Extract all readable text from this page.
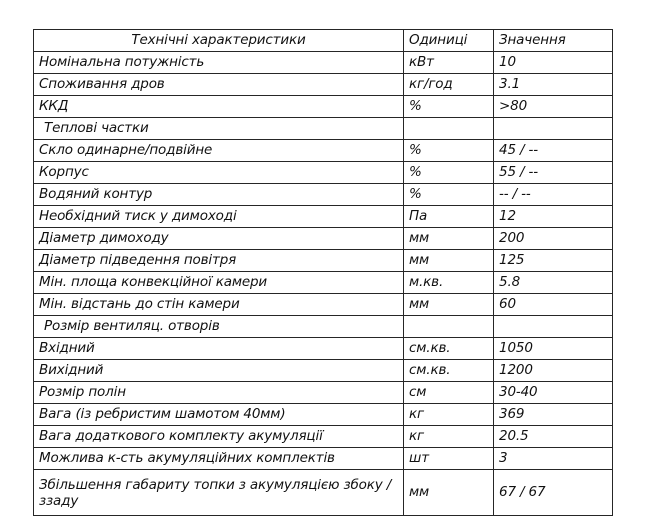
Технічні характеристики	Одиниці	Значення
Номінальна потужність	кВт	10
Споживання дров	кг/год	3.1
ККД	%	>80
Теплові частки		
Скло одинарне/подвійне	%	45 / --
Корпус	%	55 / --
Водяний контур	%	-- / --
Необхідний тиск у димоході	Па	12
Діаметр димоходу	мм	200
Діаметр підведення повітря	мм	125
Мін. площа конвекційної камери	м.кв.	5.8
Мін. відстань до стін камери	мм	60
Розмір вентиляц. отворів		
Вхідний	см.кв.	1050
Вихідний	см.кв.	1200
Розмір полін	см	30-40
Вага (із ребристим шамотом 40мм)	кг	369
Вага додаткового комплекту акумуляції	кг	20.5
Можлива к-сть акумуляційних комплектів	шт	3
Збільшення габариту топки з акумуляцією збоку / ззаду	мм	67 / 67
